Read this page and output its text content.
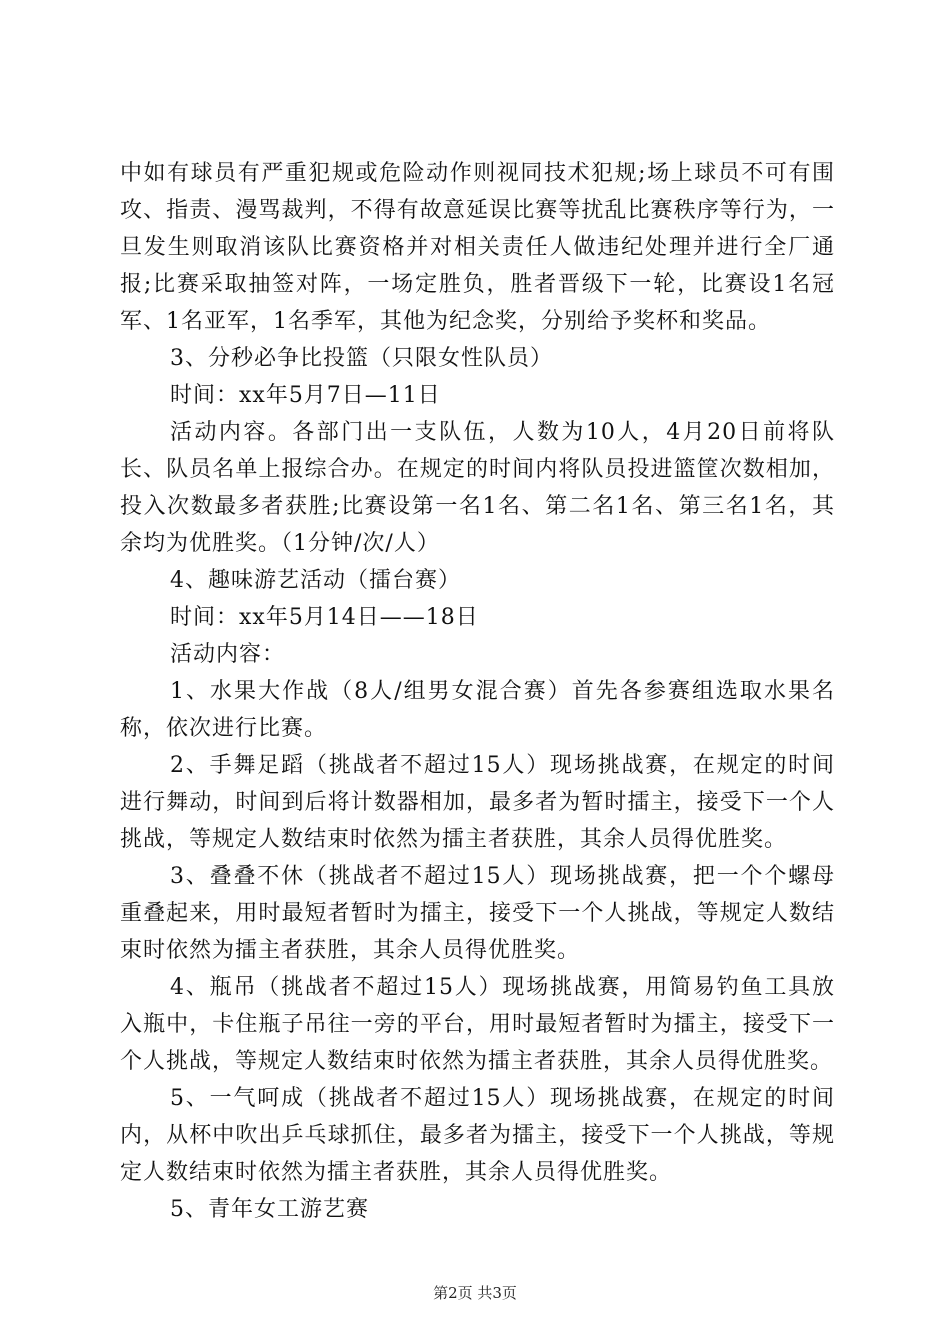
中如有球员有严重犯规或危险动作则视同技术犯规;场上球员不可有围攻、指责、漫骂裁判，不得有故意延误比赛等扰乱比赛秩序等行为，一旦发生则取消该队比赛资格并对相关责任人做违纪处理并进行全厂通报;比赛采取抽签对阵，一场定胜负，胜者晋级下一轮，比赛设1名冠军、1名亚军，1名季军，其他为纪念奖，分别给予奖杯和奖品。

3、分秒必争比投篮（只限女性队员）

时间：xx年5月7日—11日

活动内容。各部门出一支队伍，人数为10人，4月20日前将队长、队员名单上报综合办。在规定的时间内将队员投进篮筐次数相加，投入次数最多者获胜;比赛设第一名1名、第二名1名、第三名1名，其余均为优胜奖。（1分钟/次/人）

4、趣味游艺活动（擂台赛）

时间：xx年5月14日——18日

活动内容：

1、水果大作战（8人/组男女混合赛）首先各参赛组选取水果名称，依次进行比赛。

2、手舞足蹈（挑战者不超过15人）现场挑战赛，在规定的时间进行舞动，时间到后将计数器相加，最多者为暂时擂主，接受下一个人挑战，等规定人数结束时依然为擂主者获胜，其余人员得优胜奖。

3、叠叠不休（挑战者不超过15人）现场挑战赛，把一个个螺母重叠起来，用时最短者暂时为擂主，接受下一个人挑战，等规定人数结束时依然为擂主者获胜，其余人员得优胜奖。

4、瓶吊（挑战者不超过15人）现场挑战赛，用简易钓鱼工具放入瓶中，卡住瓶子吊往一旁的平台，用时最短者暂时为擂主，接受下一个人挑战，等规定人数结束时依然为擂主者获胜，其余人员得优胜奖。

5、一气呵成（挑战者不超过15人）现场挑战赛，在规定的时间内，从杯中吹出乒乓球抓住，最多者为擂主，接受下一个人挑战，等规定人数结束时依然为擂主者获胜，其余人员得优胜奖。

5、青年女工游艺赛

第2页 共3页
